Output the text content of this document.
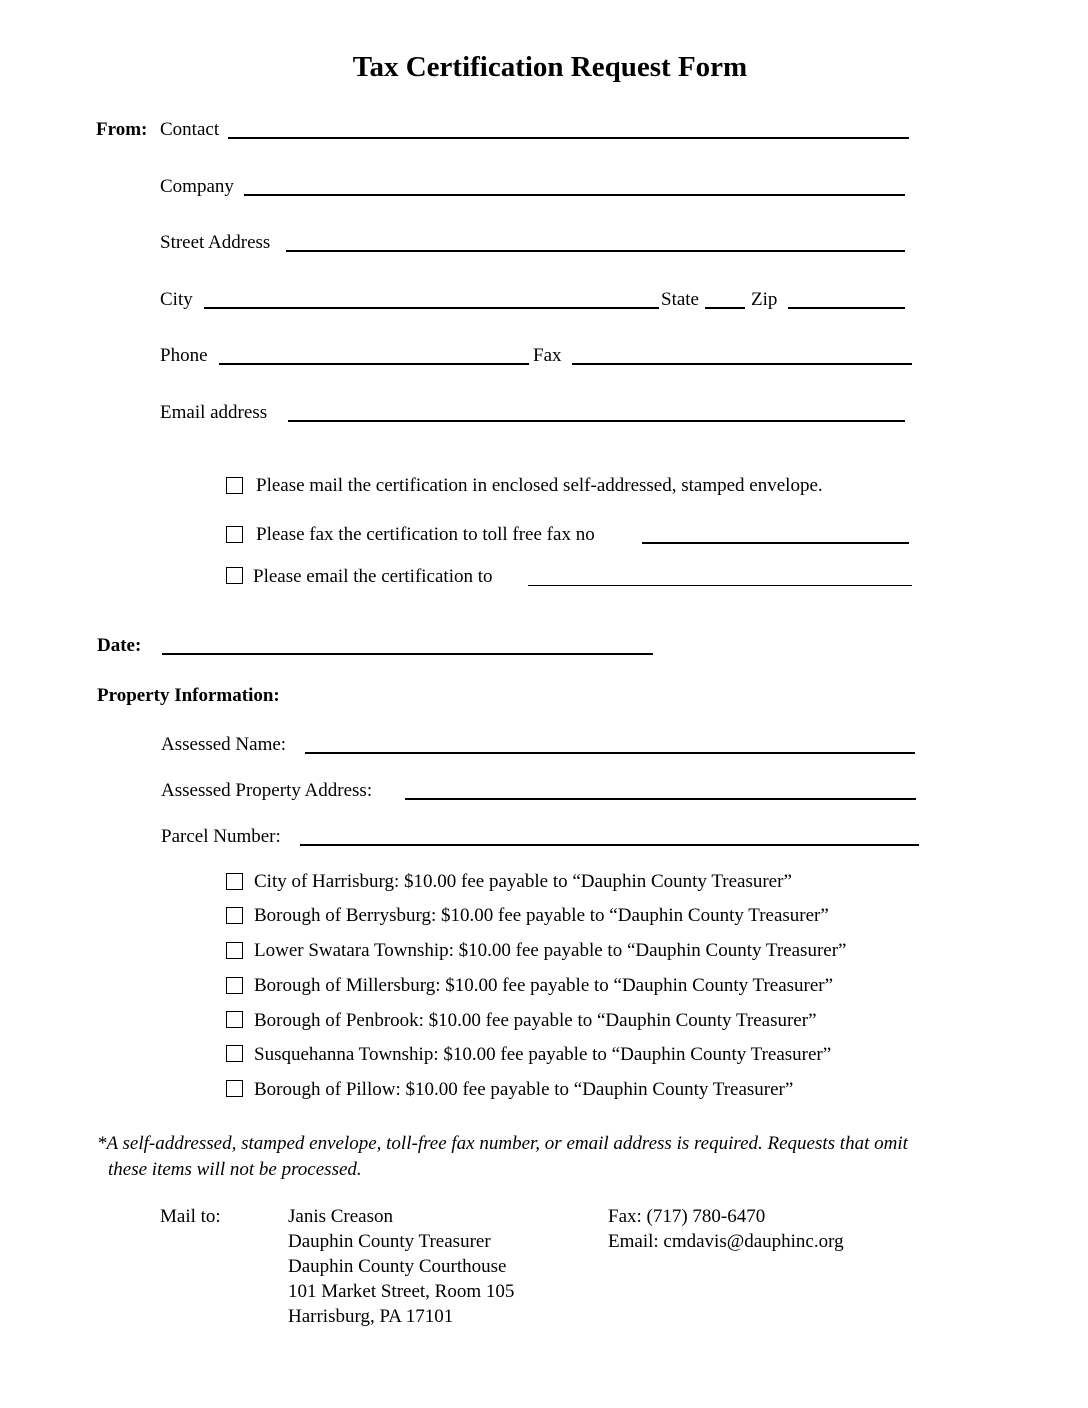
Tax Certification Request Form
From: Contact
Company
Street Address
City	State	Zip
Phone	Fax
Email address
Please mail the certification in enclosed self-addressed, stamped envelope.
Please fax the certification to toll free fax no
Please email the certification to
Date:
Property Information:
Assessed Name:
Assessed Property Address:
Parcel Number:
City of Harrisburg: $10.00 fee payable to “Dauphin County Treasurer”
Borough of Berrysburg: $10.00 fee payable to “Dauphin County Treasurer”
Lower Swatara Township: $10.00 fee payable to “Dauphin County Treasurer”
Borough of Millersburg: $10.00 fee payable to “Dauphin County Treasurer”
Borough of Penbrook: $10.00 fee payable to “Dauphin County Treasurer”
Susquehanna Township: $10.00 fee payable to “Dauphin County Treasurer”
Borough of Pillow: $10.00 fee payable to “Dauphin County Treasurer”
*A self-addressed, stamped envelope, toll-free fax number, or email address is required. Requests that omit
these items will not be processed.
Mail to:	Janis Creason
Dauphin County Treasurer
Dauphin County Courthouse
101 Market Street, Room 105
Harrisburg, PA 17101
Fax: (717) 780-6470
Email: cmdavis@dauphinc.org
